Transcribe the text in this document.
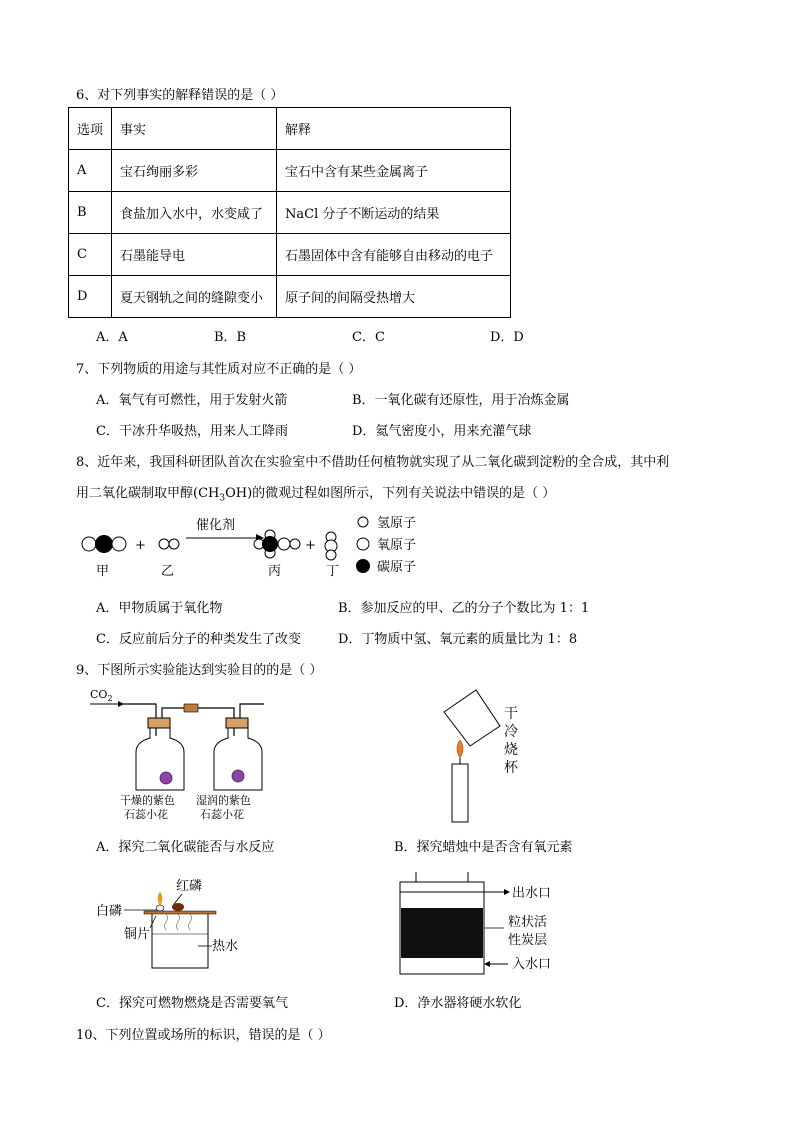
6、对下列事实的解释错误的是（ ）
选项	事实	解释
A	宝石绚丽多彩	宝石中含有某些金属离子
B	食盐加入水中，水变咸了	NaCl 分子不断运动的结果
C	石墨能导电	石墨固体中含有能够自由移动的电子
D	夏天钢轨之间的缝隙变小	原子间的间隔受热增大
A．A	B．B	C．C	D．D
7、下列物质的用途与其性质对应不正确的是（ ）
A．氧气有可燃性，用于发射火箭	B．一氧化碳有还原性，用于冶炼金属
C．干冰升华吸热，用来人工降雨	D．氦气密度小，用来充灌气球
8、近年来，我国科研团队首次在实验室中不借助任何植物就实现了从二氧化碳到淀粉的全合成，其中利
用二氧化碳制取甲醇$(CH_3OH)$的微观过程如图所示，下列有关说法中错误的是（ ）
+
催化剂
+
甲	乙	丙	丁
氢原子
氧原子
碳原子
A．甲物质属于氧化物	B．参加反应的甲、乙的分子个数比为 1：1
C．反应前后分子的种类发生了改变	D．丁物质中氢、氧元素的质量比为 1：8
9、下图所示实验能达到实验目的的是（ ）
$CO_2$
干燥的紫色
石蕊小花
湿润的紫色
石蕊小花
干
冷
烧
杯
A．探究二氧化碳能否与水反应	B．探究蜡烛中是否含有氧元素
红磷
白磷
铜片
热水
出水口
粒状活
性炭层
入水口
C．探究可燃物燃烧是否需要氧气	D．净水器将硬水软化
10、下列位置或场所的标识，错误的是（ ）
